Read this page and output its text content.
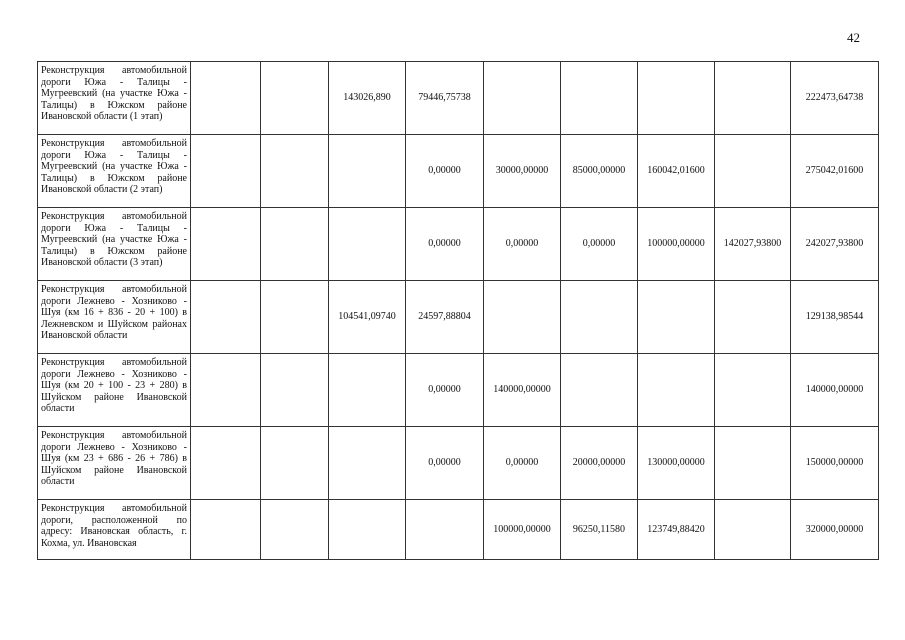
42
Реконструкция автомобильной дороги Южа - Талицы - Мугреевский (на участке Южа - Талицы) в Южском районе Ивановской области (1 этап)			143026,890	79446,75738					222473,64738
Реконструкция автомобильной дороги Южа - Талицы - Мугреевский (на участке Южа - Талицы) в Южском районе Ивановской области (2 этап)				0,00000	30000,00000	85000,00000	160042,01600		275042,01600
Реконструкция автомобильной дороги Южа - Талицы - Мугреевский (на участке Южа - Талицы) в Южском районе Ивановской области (3 этап)				0,00000	0,00000	0,00000	100000,00000	142027,93800	242027,93800
Реконструкция автомобильной дороги Лежнево - Хозниково - Шуя (км 16 + 836 - 20 + 100) в Лежневском и Шуйском районах Ивановской области			104541,09740	24597,88804					129138,98544
Реконструкция автомобильной дороги Лежнево - Хозниково - Шуя (км 20 + 100 - 23 + 280) в Шуйском районе Ивановской области				0,00000	140000,00000				140000,00000
Реконструкция автомобильной дороги Лежнево - Хозниково - Шуя (км 23 + 686 - 26 + 786) в Шуйском районе Ивановской области				0,00000	0,00000	20000,00000	130000,00000		150000,00000
Реконструкция автомобильной дороги, расположенной по адресу: Ивановская область, г. Кохма, ул. Ивановская					100000,00000	96250,11580	123749,88420		320000,00000
